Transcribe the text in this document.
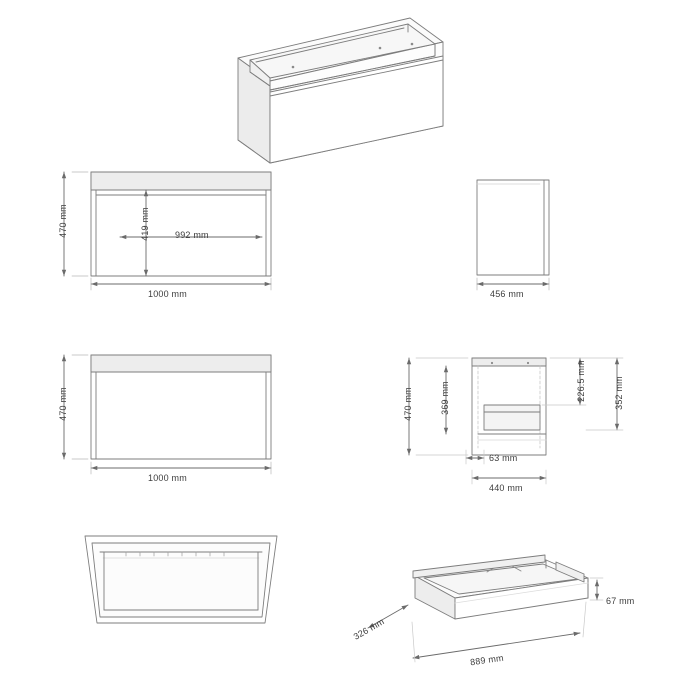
470 mm	419 mm	992 mm
1000 mm	456 mm
470 mm
1000 mm
470 mm	369 mm	226.5 mm	352 mm
63 mm
440 mm
67 mm
326 mm
889 mm
